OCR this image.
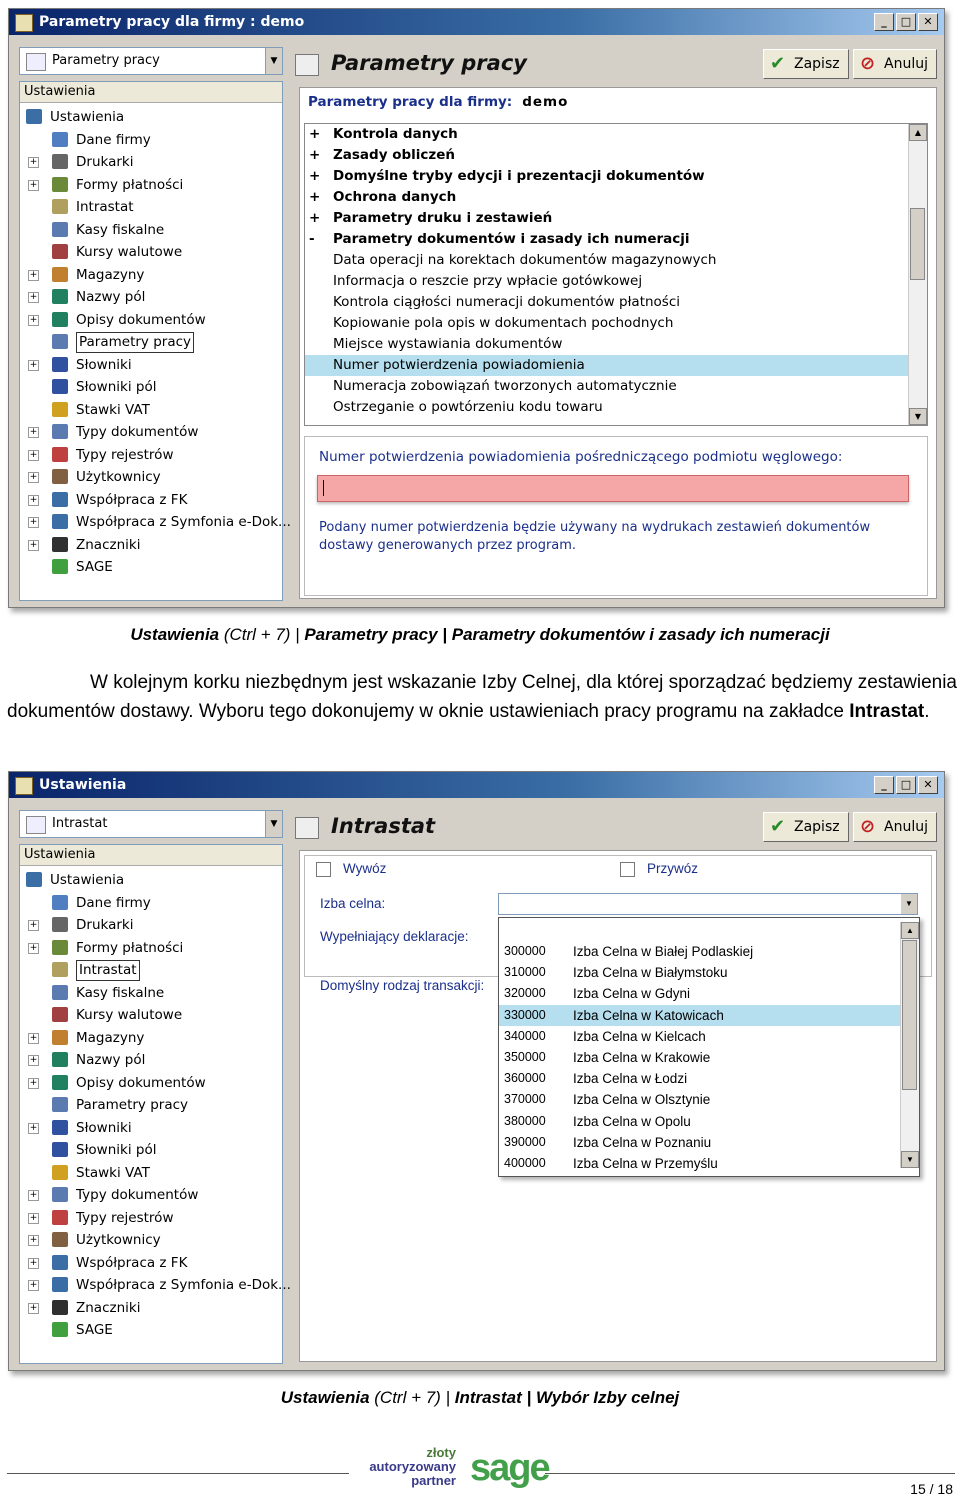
Parametry pracy dla firmy : demo	_	□	✕
Parametry pracy	▼
Ustawienia
Ustawienia
Dane firmy
+	Drukarki
+	Formy płatności
Intrastat
Kasy fiskalne
Kursy walutowe
+	Magazyny
+	Nazwy pól
+	Opisy dokumentów
Parametry pracy
+	Słowniki
Słowniki pól
Stawki VAT
+	Typy dokumentów
+	Typy rejestrów
+	Użytkownicy
+	Współpraca z FK
+	Współpraca z Symfonia e-Dok...
+	Znaczniki
SAGE
Parametry pracy	✔ Zapisz	⊘ Anuluj
Parametry pracy dla firmy: demo
+ Kontrola danych
+ Zasady obliczeń
+ Domyślne tryby edycji i prezentacji dokumentów
+ Ochrona danych
+ Parametry druku i zestawień
-	Parametry dokumentów i zasady ich numeracji
Data operacji na korektach dokumentów magazynowych
Informacja o reszcie przy wpłacie gotówkowej
Kontrola ciągłości numeracji dokumentów płatności
Kopiowanie pola opis w dokumentach pochodnych
Miejsce wystawiania dokumentów
Numer potwierdzenia powiadomienia
Numeracja zobowiązań tworzonych automatycznie
Ostrzeganie o powtórzeniu kodu towaru
▲
▼
Numer potwierdzenia powiadomienia pośredniczącego podmiotu węglowego:
Podany numer potwierdzenia będzie używany na wydrukach zestawień dokumentów dostawy generowanych przez program.
Ustawienia (Ctrl + 7) | Parametry pracy | Parametry dokumentów i zasady ich numeracji
W kolejnym korku niezbędnym jest wskazanie Izby Celnej, dla której sporządzać będziemy zestawienia dokumentów dostawy. Wyboru tego dokonujemy w oknie ustawieniach pracy programu na zakładce Intrastat.
Ustawienia	_	□	✕
Intrastat	▼
Ustawienia
Ustawienia
Dane firmy
+	Drukarki
+	Formy płatności
Intrastat
Kasy fiskalne
Kursy walutowe
+	Magazyny
+	Nazwy pól
+	Opisy dokumentów
Parametry pracy
+	Słowniki
Słowniki pól
Stawki VAT
+	Typy dokumentów
+	Typy rejestrów
+	Użytkownicy
+	Współpraca z FK
+	Współpraca z Symfonia e-Dok...
+	Znaczniki
SAGE
Intrastat	✔ Zapisz	⊘ Anuluj
Wywóz	Przywóz
Izba celna:	▼
Wypełniający deklaracje:
Domyślny rodzaj transakcji:
300000 Izba Celna w Białej Podlaskiej
310000 Izba Celna w Białymstoku
320000 Izba Celna w Gdyni
330000 Izba Celna w Katowicach
340000 Izba Celna w Kielcach
350000 Izba Celna w Krakowie
360000 Izba Celna w Łodzi
370000 Izba Celna w Olsztynie
380000 Izba Celna w Opolu
390000 Izba Celna w Poznaniu
400000 Izba Celna w Przemyślu
▲
▼
Ustawienia (Ctrl + 7) | Intrastat | Wybór Izby celnej
złoty
autoryzowany
partner sage	15 / 18
